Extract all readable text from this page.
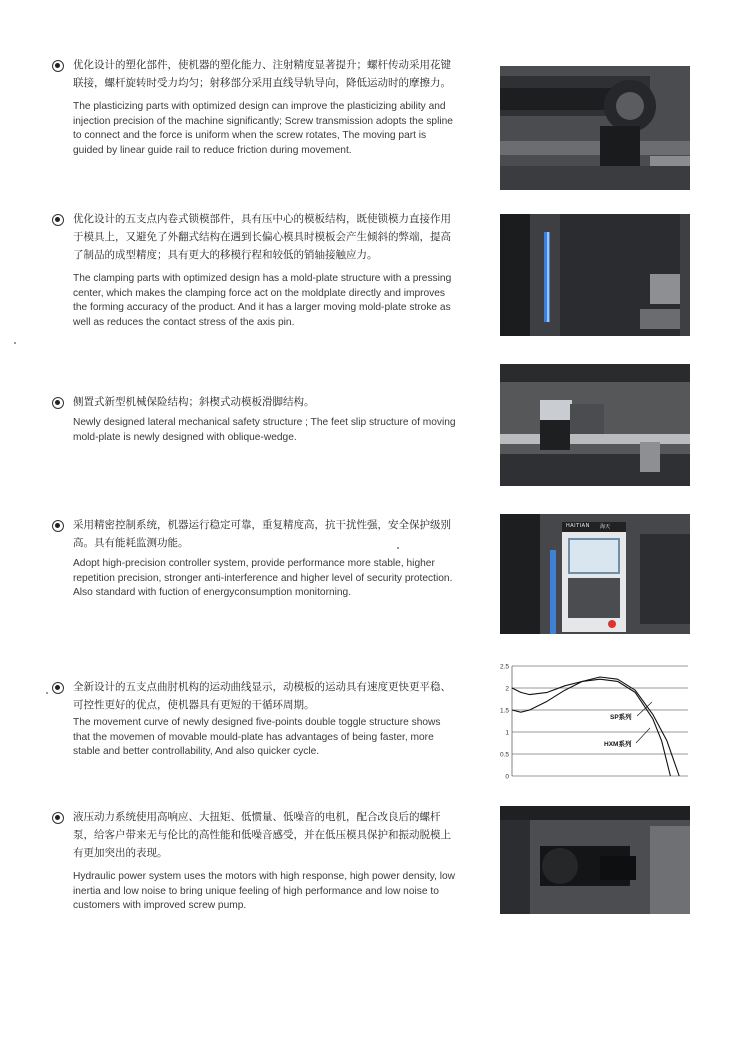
优化设计的塑化部件，使机器的塑化能力、注射精度显著提升；螺杆传动采用花键联接，螺杆旋转时受力均匀；射移部分采用直线导轨导向，降低运动时的摩擦力。
The plasticizing parts with optimized design can improve the plasticizing ability and injection precision of the machine significantly; Screw transmission adopts the spline to connect and the force is uniform when the screw rotates, The moving part is guided by linear guide rail to reduce friction during movement.
优化设计的五支点内卷式锁模部件，具有压中心的模板结构，既使锁模力直接作用于模具上，又避免了外翻式结构在遇到长偏心模具时模板会产生倾斜的弊端，提高了制品的成型精度；具有更大的移模行程和较低的销轴接触应力。
The clamping parts with optimized design has a mold-plate structure with a pressing center, which makes the clamping force act on the moldplate directly and improves the forming accuracy of the product. And it has a larger moving mold-plate stroke as well as reduces the contact stress of the axis pin.
侧置式新型机械保险结构；斜楔式动模板滑脚结构。
Newly designed lateral mechanical safety structure ; The feet slip structure of moving mold-plate is newly designed with oblique-wedge.
采用精密控制系统，机器运行稳定可靠，重复精度高，抗干扰性强，安全保护级别高。具有能耗监测功能。
Adopt high-precision controller system, provide performance more stable, higher repetition precision, stronger anti-interference and higher level of security protection. Also standard with fuction of energyconsumption monitorning.
HAITIAN 海天
全新设计的五支点曲肘机构的运动曲线显示，动模板的运动具有速度更快更平稳、可控性更好的优点，使机器具有更短的干循环周期。
The movement curve of newly designed five-points double toggle structure shows that the movemen of movable mould-plate has advantages of being faster, more stable and better controllability, And also quicker cycle.
2.5
2
1.5
1
0.5
0
SP系列
HXM系列
液压动力系统使用高响应、大扭矩、低惯量、低噪音的电机，配合改良后的螺杆泵，给客户带来无与伦比的高性能和低噪音感受，并在低压模具保护和振动脱模上有更加突出的表现。
Hydraulic power system uses the motors with high response, high power density, low inertia and low noise to bring unique feeling of high performance and low noise to customers with improved screw pump.
